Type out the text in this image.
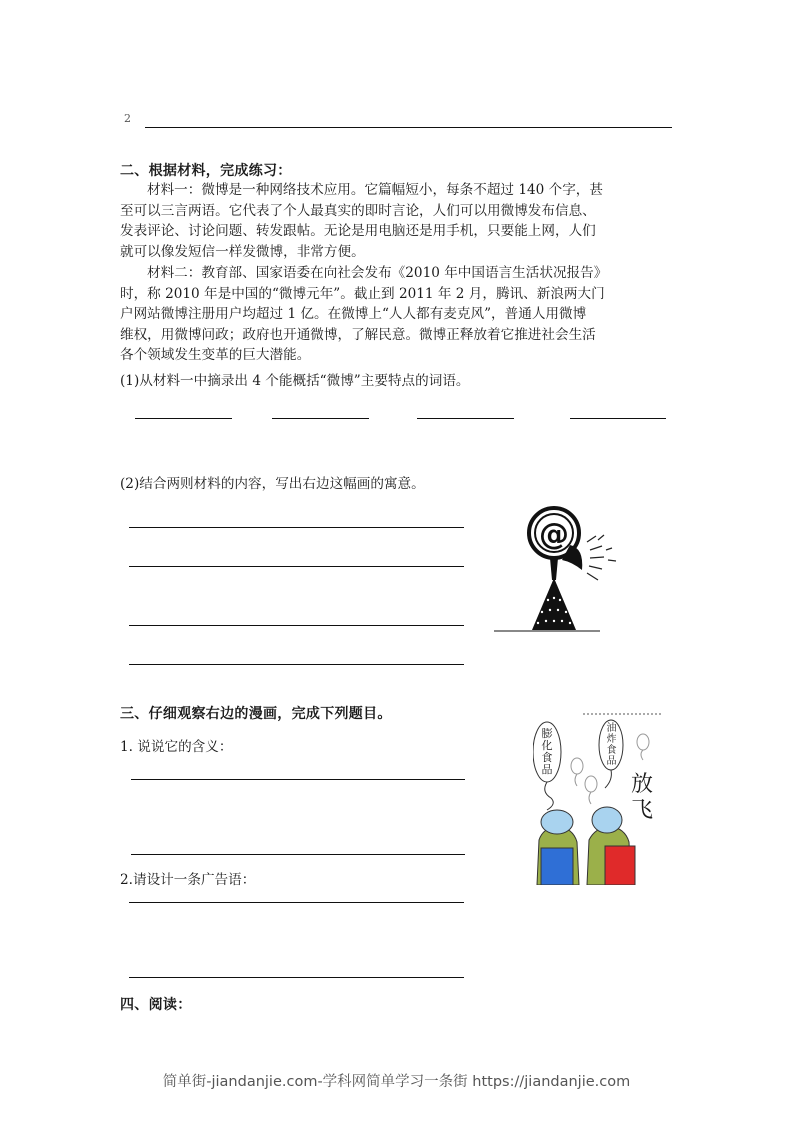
2
二、根据材料，完成练习：
材料一：微博是一种网络技术应用。它篇幅短小，每条不超过 140 个字，甚
至可以三言两语。它代表了个人最真实的即时言论，人们可以用微博发布信息、
发表评论、讨论问题、转发跟帖。无论是用电脑还是用手机，只要能上网，人们
就可以像发短信一样发微博，非常方便。
材料二：教育部、国家语委在向社会发布《2010 年中国语言生活状况报告》
时，称 2010 年是中国的“微博元年”。截止到 2011 年 2 月，腾讯、新浪两大门
户网站微博注册用户均超过 1 亿。在微博上“人人都有麦克风”，普通人用微博
维权，用微博问政；政府也开通微博，了解民意。微博正释放着它推进社会生活
各个领域发生变革的巨大潜能。
(1)从材料一中摘录出 4 个能概括“微博”主要特点的词语。
(2)结合两则材料的内容，写出右边这幅画的寓意。
@
三、仔细观察右边的漫画，完成下列题目。
1. 说说它的含义：
2.请设计一条广告语：
膨化食品
油炸食品
放飞
四、阅读：
简单街-jiandanjie.com-学科网简单学习一条街 https://jiandanjie.com
